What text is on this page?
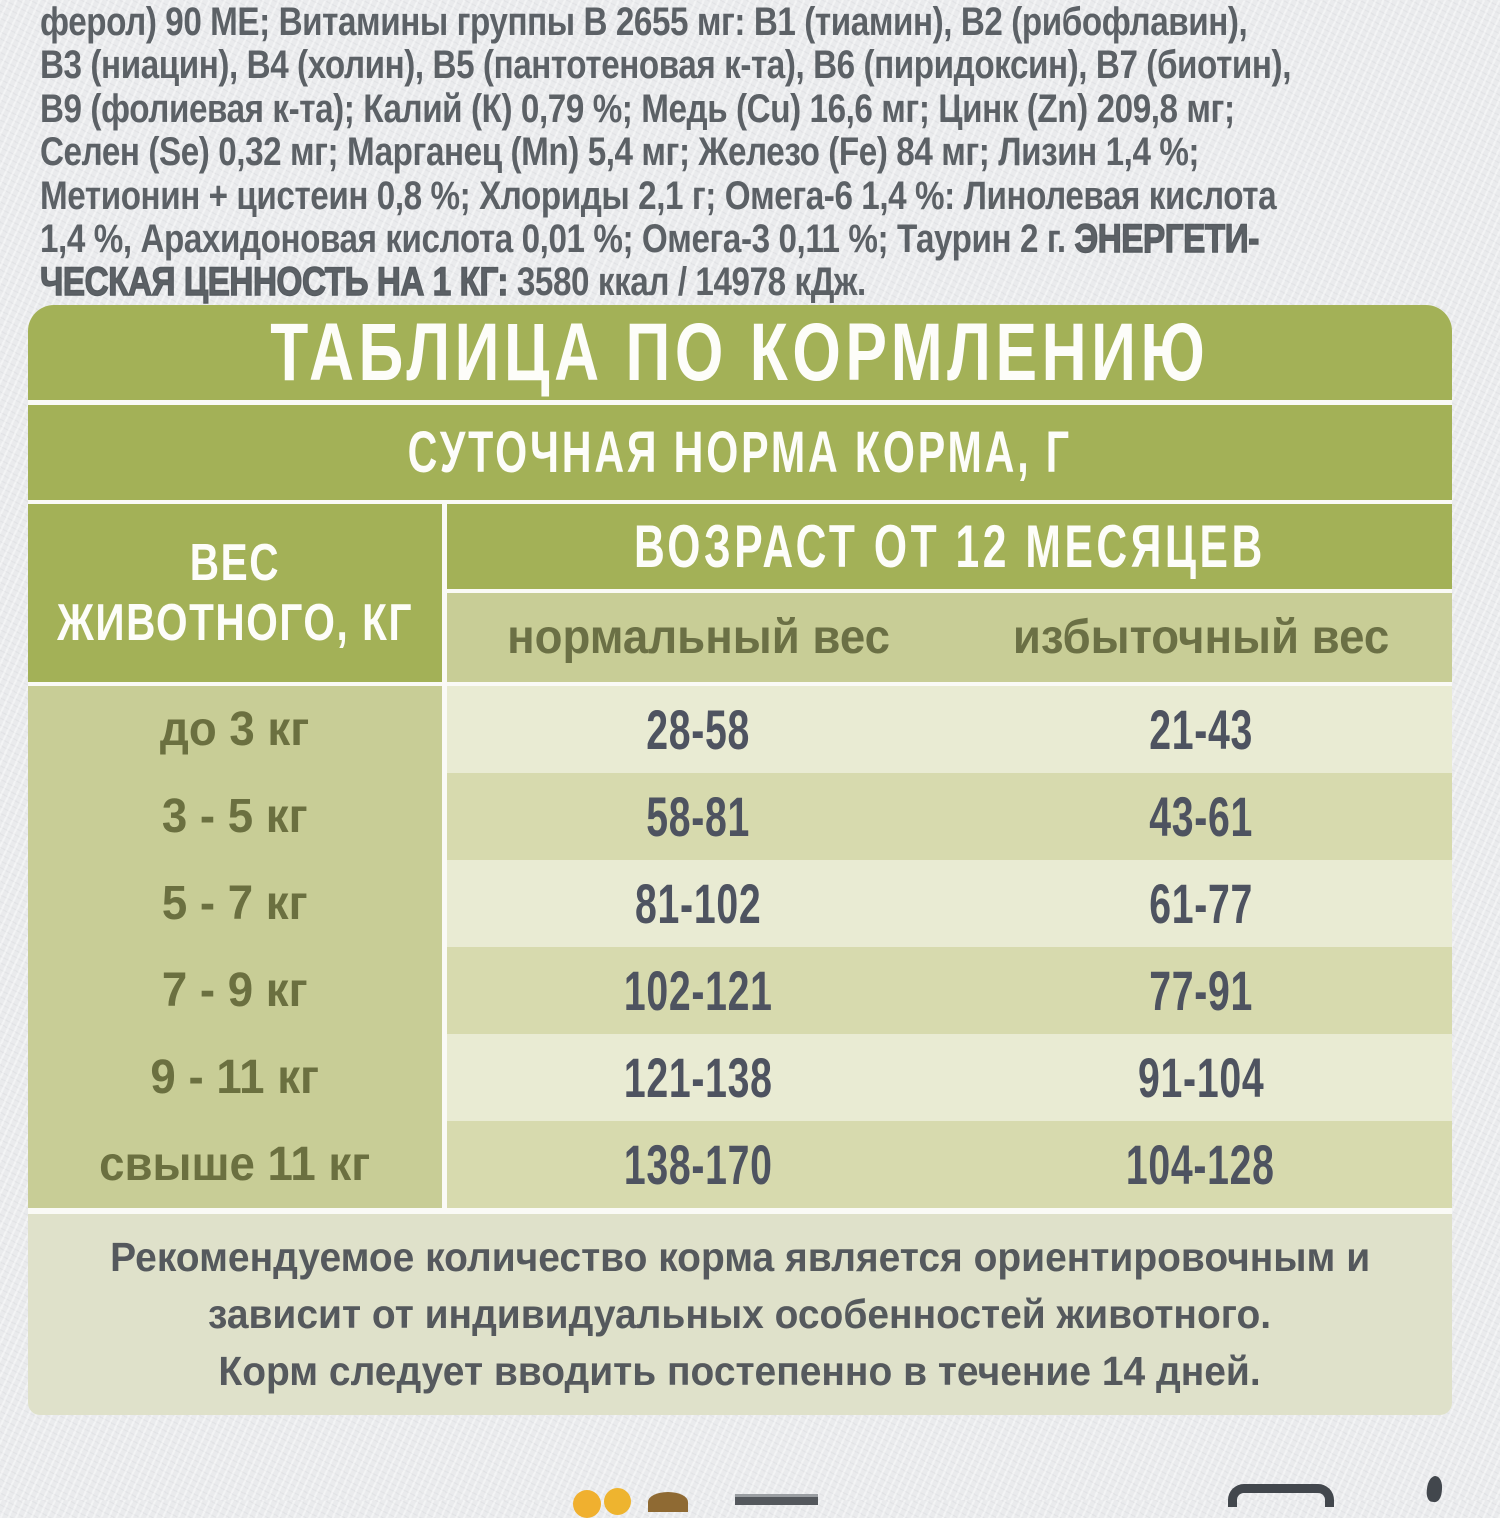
ферол) 90 МЕ; Витамины группы В 2655 мг: В1 (тиамин), В2 (рибофлавин),
В3 (ниацин), В4 (холин), В5 (пантотеновая к-та), В6 (пиридоксин), В7 (биотин),
В9 (фолиевая к-та); Калий (К) 0,79 %; Медь (Cu) 16,6 мг; Цинк (Zn) 209,8 мг;
Селен (Se) 0,32 мг; Марганец (Mn) 5,4 мг; Железо (Fe) 84 мг; Лизин 1,4 %;
Метионин + цистеин 0,8 %; Хлориды 2,1 г; Омега-6 1,4 %: Линолевая кислота
1,4 %, Арахидоновая кислота 0,01 %; Омега-3 0,11 %; Таурин 2 г. ЭНЕРГЕТИ-
ЧЕСКАЯ ЦЕННОСТЬ НА 1 КГ: 3580 ккал / 14978 кДж.
ТАБЛИЦА ПО КОРМЛЕНИЮ
СУТОЧНАЯ НОРМА КОРМА, Г
ВЕС
ЖИВОТНОГО, КГ
ВОЗРАСТ ОТ 12 МЕСЯЦЕВ
нормальный вес	избыточный вес
до 3 кг	28-58	21-43
3 - 5 кг	58-81	43-61
5 - 7 кг	81-102	61-77
7 - 9 кг	102-121	77-91
9 - 11 кг	121-138	91-104
свыше 11 кг	138-170	104-128
Рекомендуемое количество корма является ориентировочным и
зависит от индивидуальных особенностей животного.
Корм следует вводить постепенно в течение 14 дней.
